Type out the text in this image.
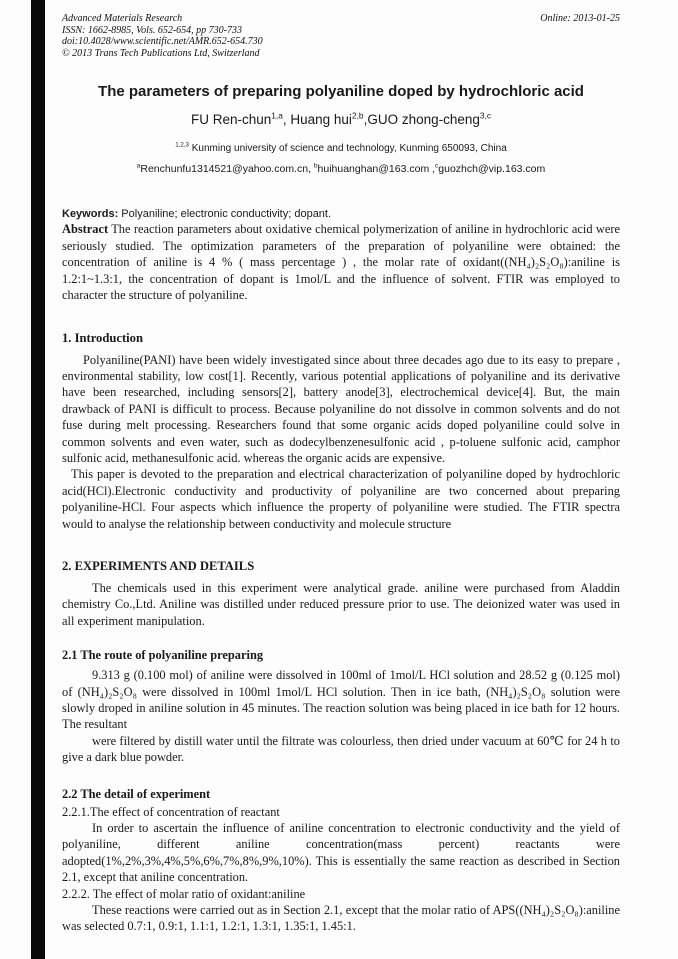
Advanced Materials Research	Online: 2013-01-25
ISSN: 1662-8985, Vols. 652-654, pp 730-733
doi:10.4028/www.scientific.net/AMR.652-654.730
© 2013 Trans Tech Publications Ltd, Switzerland
The parameters of preparing polyaniline doped by hydrochloric acid
FU Ren-chun$^{1,a}$, Huang hui$^{2,b}$,GUO zhong-cheng$^{3,c}$
$^{1,2,3}$ Kunming university of science and technology, Kunming 650093, China
$^a$Renchunfu1314521@yahoo.com.cn, $^b$huihuanghan@163.com ,$^c$guozhch@vip.163.com

Keywords: Polyaniline; electronic conductivity; dopant.

Abstract The reaction parameters about oxidative chemical polymerization of aniline in hydrochloric acid were seriously studied. The optimization parameters of the preparation of polyaniline were obtained: the concentration of aniline is 4 % ( mass percentage ) , the molar rate of oxidant((NH₄)₂S₂O₈):aniline is 1.2:1~1.3:1, the concentration of dopant is 1mol/L and the influence of solvent. FTIR was employed to character the structure of polyaniline.

1. Introduction

Polyaniline(PANI) have been widely investigated since about three decades ago due to its easy to prepare , environmental stability, low cost[1]. Recently, various potential applications of polyaniline and its derivative have been researched, including sensors[2], battery anode[3], electrochemical device[4]. But, the main drawback of PANI is difficult to process. Because polyaniline do not dissolve in common solvents and do not fuse during melt processing. Researchers found that some organic acids doped polyaniline could solve in common solvents and even water, such as dodecylbenzenesulfonic acid , p-toluene sulfonic acid, camphor sulfonic acid, methanesulfonic acid. whereas the organic acids are expensive.

This paper is devoted to the preparation and electrical characterization of polyaniline doped by hydrochloric acid(HCl).Electronic conductivity and productivity of polyaniline are two concerned about preparing polyaniline-HCl. Four aspects which influence the property of polyaniline were studied. The FTIR spectra would to analyse the relationship between conductivity and molecule structure

2. EXPERIMENTS AND DETAILS

The chemicals used in this experiment were analytical grade. aniline were purchased from Aladdin chemistry Co.,Ltd. Aniline was distilled under reduced pressure prior to use. The deionized water was used in all experiment manipulation.

2.1 The route of polyaniline preparing

9.313 g (0.100 mol) of aniline were dissolved in 100ml of 1mol/L HCl solution and 28.52 g (0.125 mol) of (NH₄)₂S₂O₈ were dissolved in 100ml 1mol/L HCl solution. Then in ice bath, (NH₄)₂S₂O₈ solution were slowly droped in aniline solution in 45 minutes. The reaction solution was being placed in ice bath for 12 hours. The resultant

were filtered by distill water until the filtrate was colourless, then dried under vacuum at 60℃ for 24 h to give a dark blue powder.

2.2 The detail of experiment
2.2.1.The effect of concentration of reactant

In order to ascertain the influence of aniline concentration to electronic conductivity and the yield of polyaniline, different aniline concentration(mass percent) reactants were adopted(1%,2%,3%,4%,5%,6%,7%,8%,9%,10%). This is essentially the same reaction as described in Section 2.1, except that aniline concentration.

2.2.2. The effect of molar ratio of oxidant:aniline

These reactions were carried out as in Section 2.1, except that the molar ratio of APS((NH₄)₂S₂O₈):aniline was selected 0.7:1, 0.9:1, 1.1:1, 1.2:1, 1.3:1, 1.35:1, 1.45:1.
